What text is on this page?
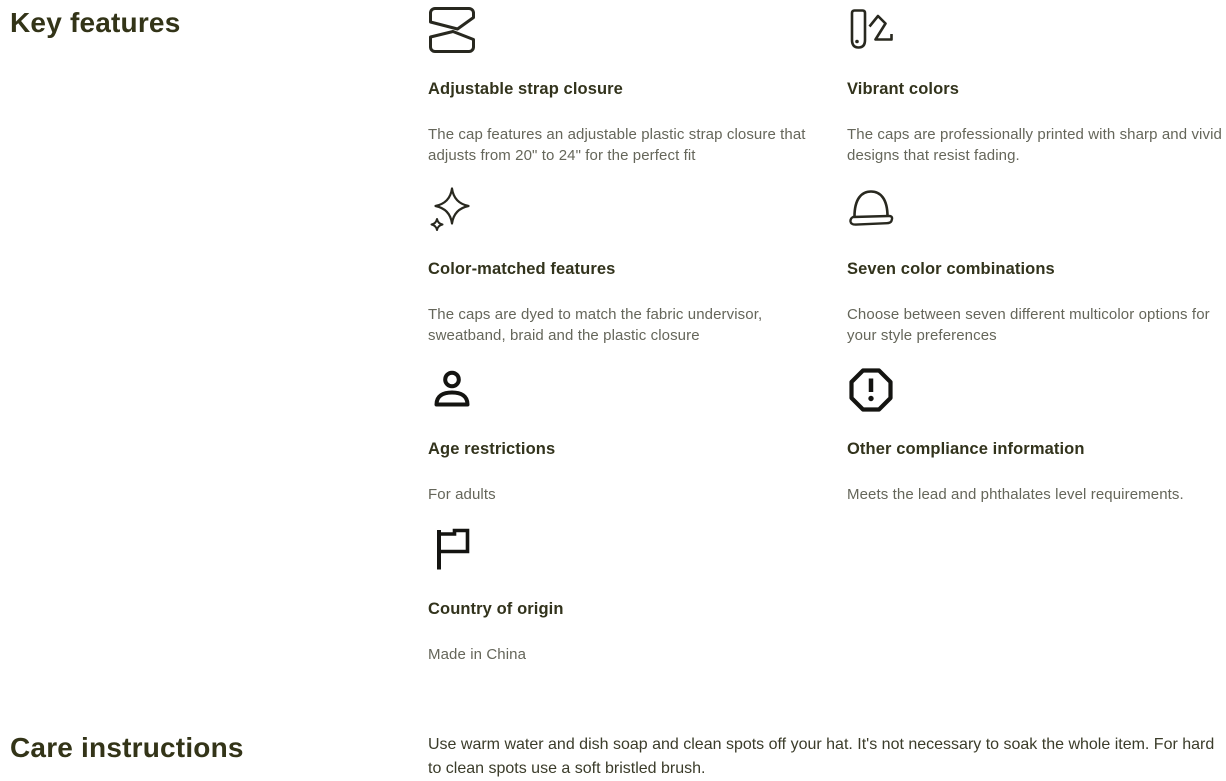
Key features
Adjustable strap closure

The cap features an adjustable plastic strap closure that adjusts from 20" to 24" for the perfect fit

Vibrant colors

The caps are professionally printed with sharp and vivid designs that resist fading.

Color-matched features

The caps are dyed to match the fabric undervisor, sweatband, braid and the plastic closure

Seven color combinations

Choose between seven different multicolor options for your style preferences

Age restrictions

For adults

Other compliance information

Meets the lead and phthalates level requirements.

Country of origin

Made in China

Care instructions	Use warm water and dish soap and clean spots off your hat. It's not necessary to soak the whole item. For hard to clean spots use a soft bristled brush.
